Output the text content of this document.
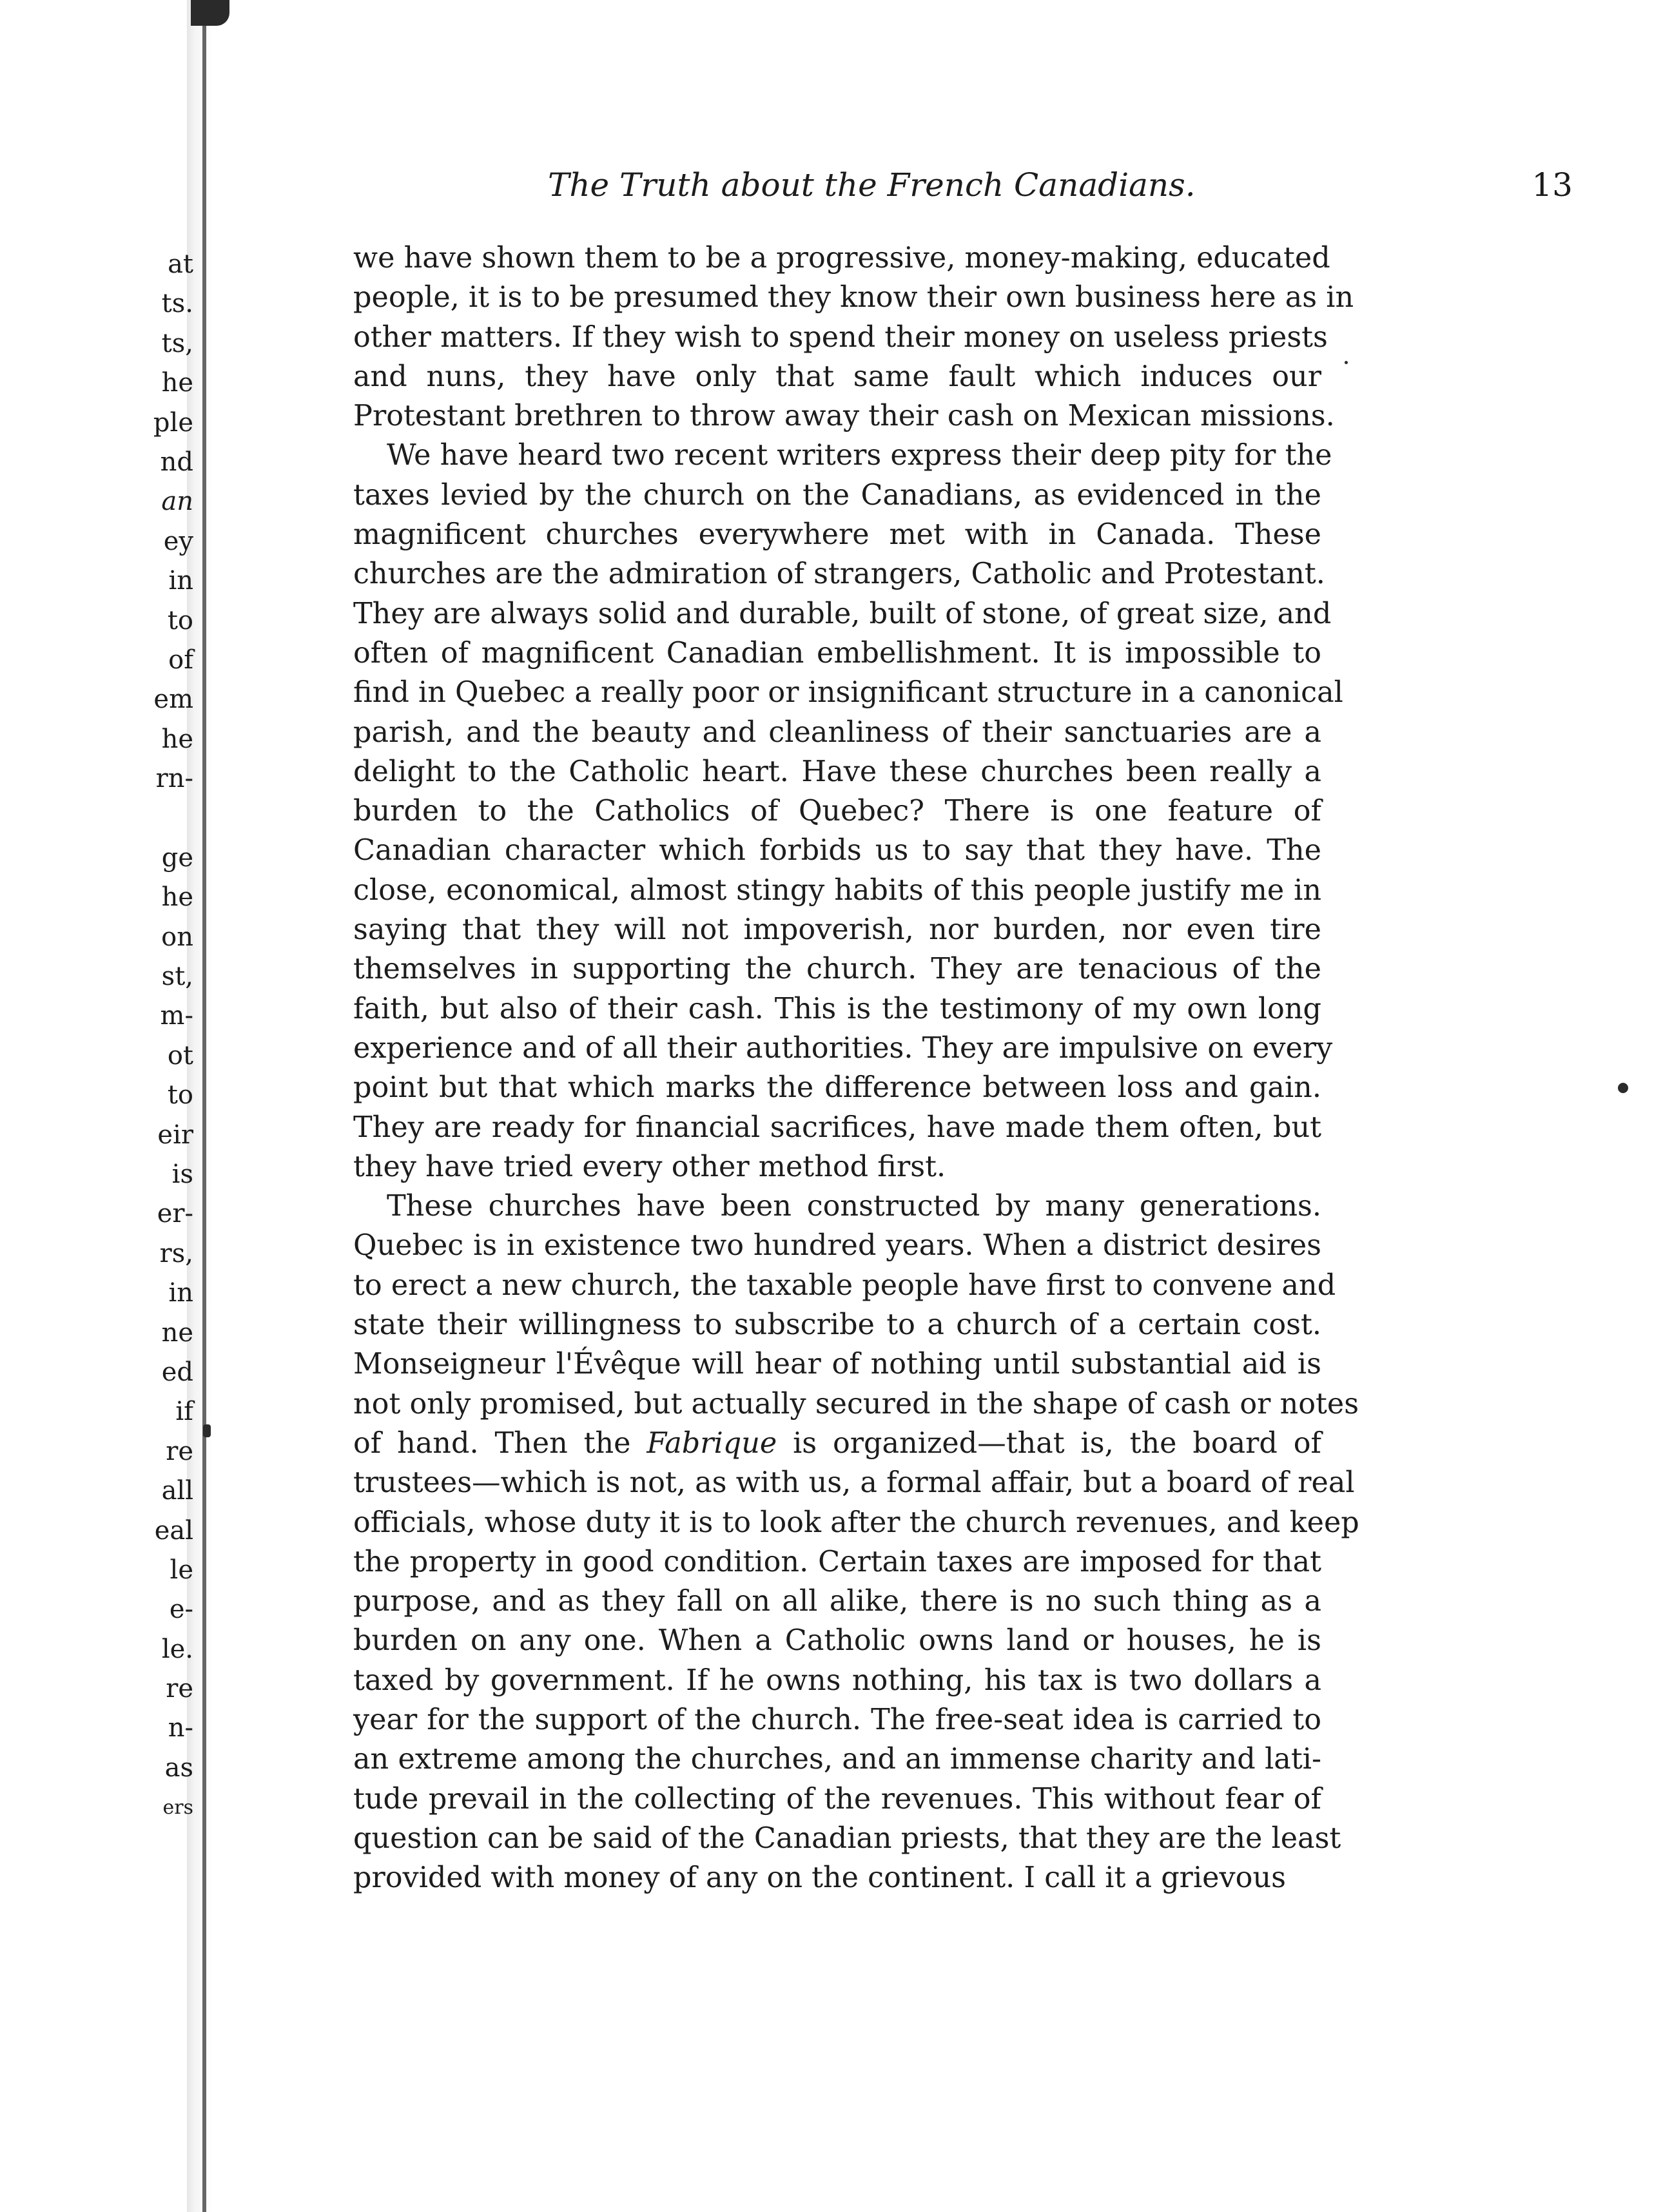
at
ts.
ts,
he
ple
nd
an
ey
in
to
of
em
he
rn-
ge
he
on
st,
m-
ot
to
eir
is
er-
rs,
in
ne
ed
if
re
all
eal
le
e-
le.
re
n-
as
ers
The Truth about the French Canadians.	13
we have shown them to be a progressive, money-making, educated
people, it is to be presumed they know their own business here as in
other matters. If they wish to spend their money on useless priests
and nuns, they have only that same fault which induces our
Protestant brethren to throw away their cash on Mexican missions.
We have heard two recent writers express their deep pity for the
taxes levied by the church on the Canadians, as evidenced in the
magnificent churches everywhere met with in Canada. These
churches are the admiration of strangers, Catholic and Protestant.
They are always solid and durable, built of stone, of great size, and
often of magnificent Canadian embellishment. It is impossible to
find in Quebec a really poor or insignificant structure in a canonical
parish, and the beauty and cleanliness of their sanctuaries are a
delight to the Catholic heart. Have these churches been really a
burden to the Catholics of Quebec? There is one feature of
Canadian character which forbids us to say that they have. The
close, economical, almost stingy habits of this people justify me in
saying that they will not impoverish, nor burden, nor even tire
themselves in supporting the church. They are tenacious of the
faith, but also of their cash. This is the testimony of my own long
experience and of all their authorities. They are impulsive on every
point but that which marks the difference between loss and gain.
They are ready for financial sacrifices, have made them often, but
they have tried every other method first.
These churches have been constructed by many generations.
Quebec is in existence two hundred years. When a district desires
to erect a new church, the taxable people have first to convene and
state their willingness to subscribe to a church of a certain cost.
Monseigneur l'Évêque will hear of nothing until substantial aid is
not only promised, but actually secured in the shape of cash or notes
of hand. Then the Fabrique is organized—that is, the board of
trustees—which is not, as with us, a formal affair, but a board of real
officials, whose duty it is to look after the church revenues, and keep
the property in good condition. Certain taxes are imposed for that
purpose, and as they fall on all alike, there is no such thing as a
burden on any one. When a Catholic owns land or houses, he is
taxed by government. If he owns nothing, his tax is two dollars a
year for the support of the church. The free-seat idea is carried to
an extreme among the churches, and an immense charity and lati-
tude prevail in the collecting of the revenues. This without fear of
question can be said of the Canadian priests, that they are the least
provided with money of any on the continent. I call it a grievous
